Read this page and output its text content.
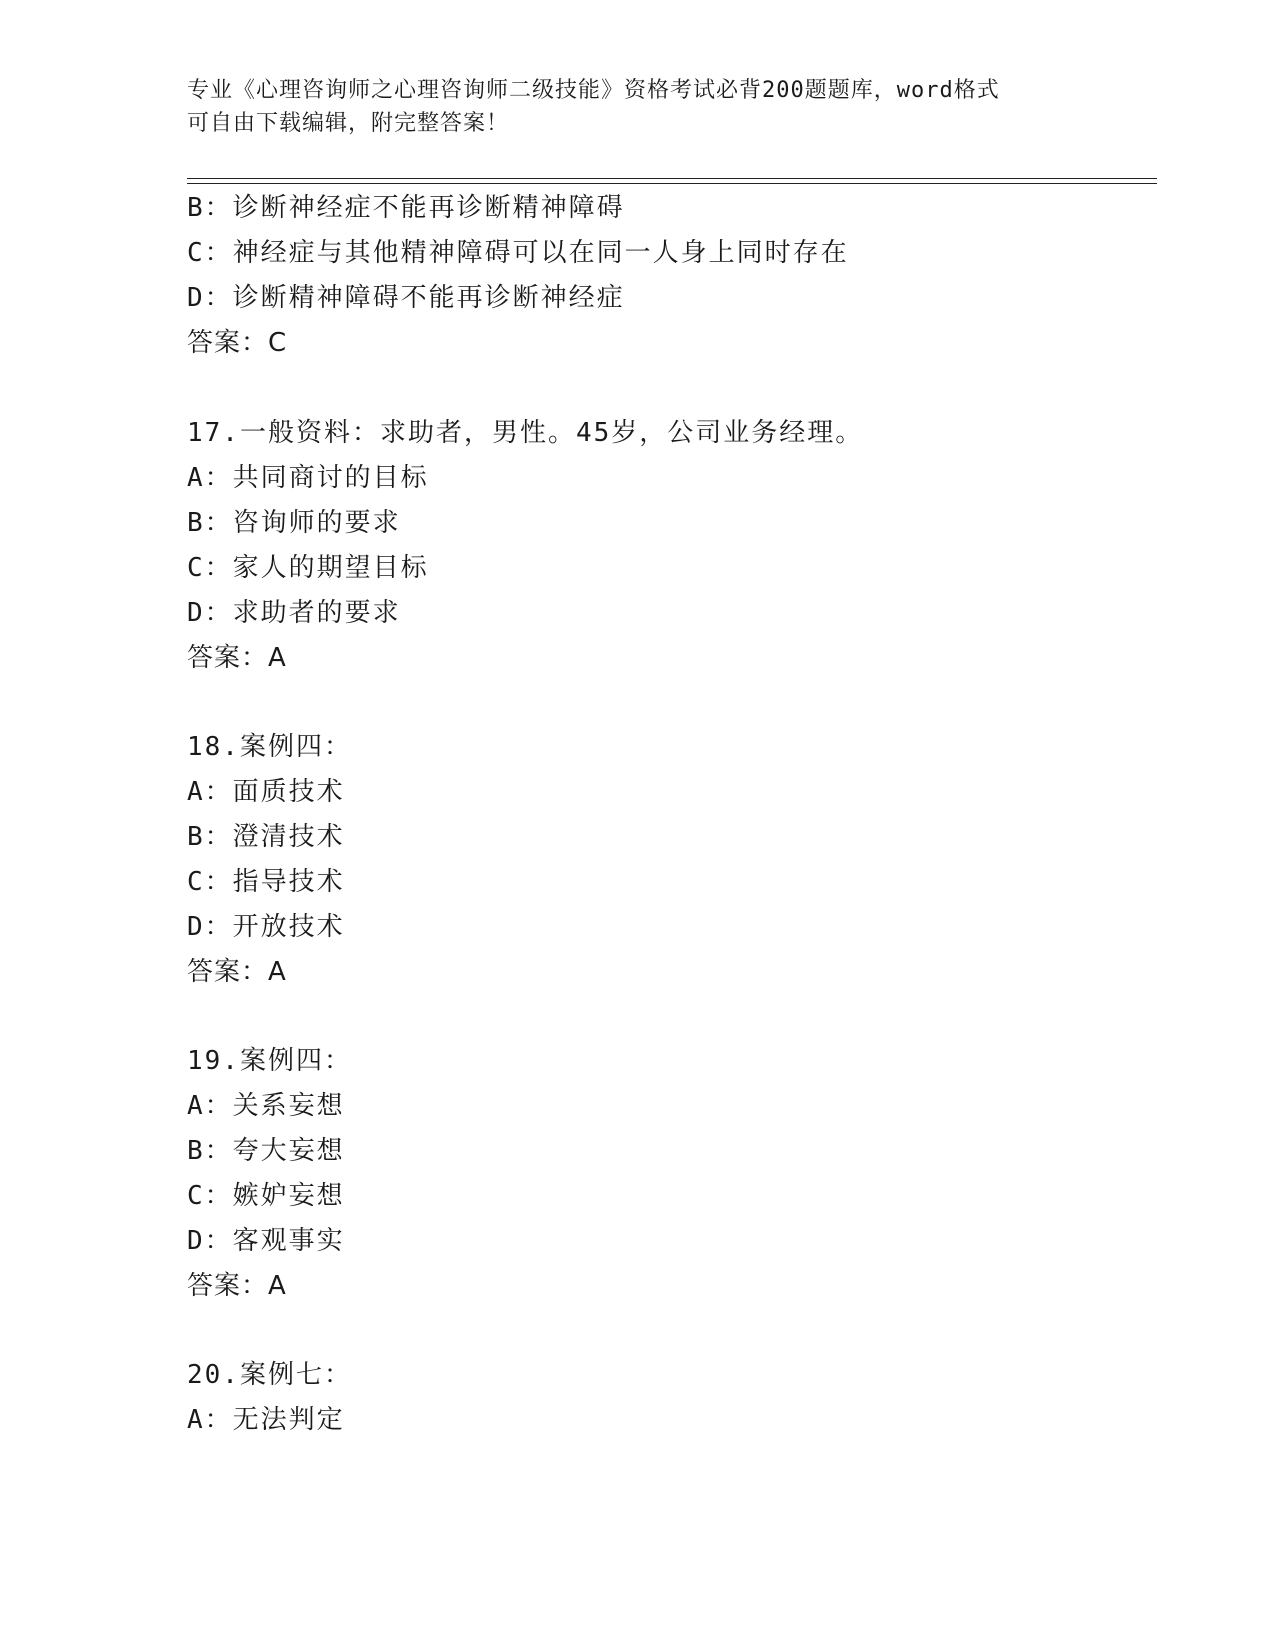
专业《心理咨询师之心理咨询师二级技能》资格考试必背200题题库，word格式
可自由下载编辑，附完整答案！
B：诊断神经症不能再诊断精神障碍
C：神经症与其他精神障碍可以在同一人身上同时存在
D：诊断精神障碍不能再诊断神经症
答案：C
17.一般资料：求助者，男性。45岁，公司业务经理。
A：共同商讨的目标
B：咨询师的要求
C：家人的期望目标
D：求助者的要求
答案：A
18.案例四：
A：面质技术
B：澄清技术
C：指导技术
D：开放技术
答案：A
19.案例四：
A：关系妄想
B：夸大妄想
C：嫉妒妄想
D：客观事实
答案：A
20.案例七：
A：无法判定
